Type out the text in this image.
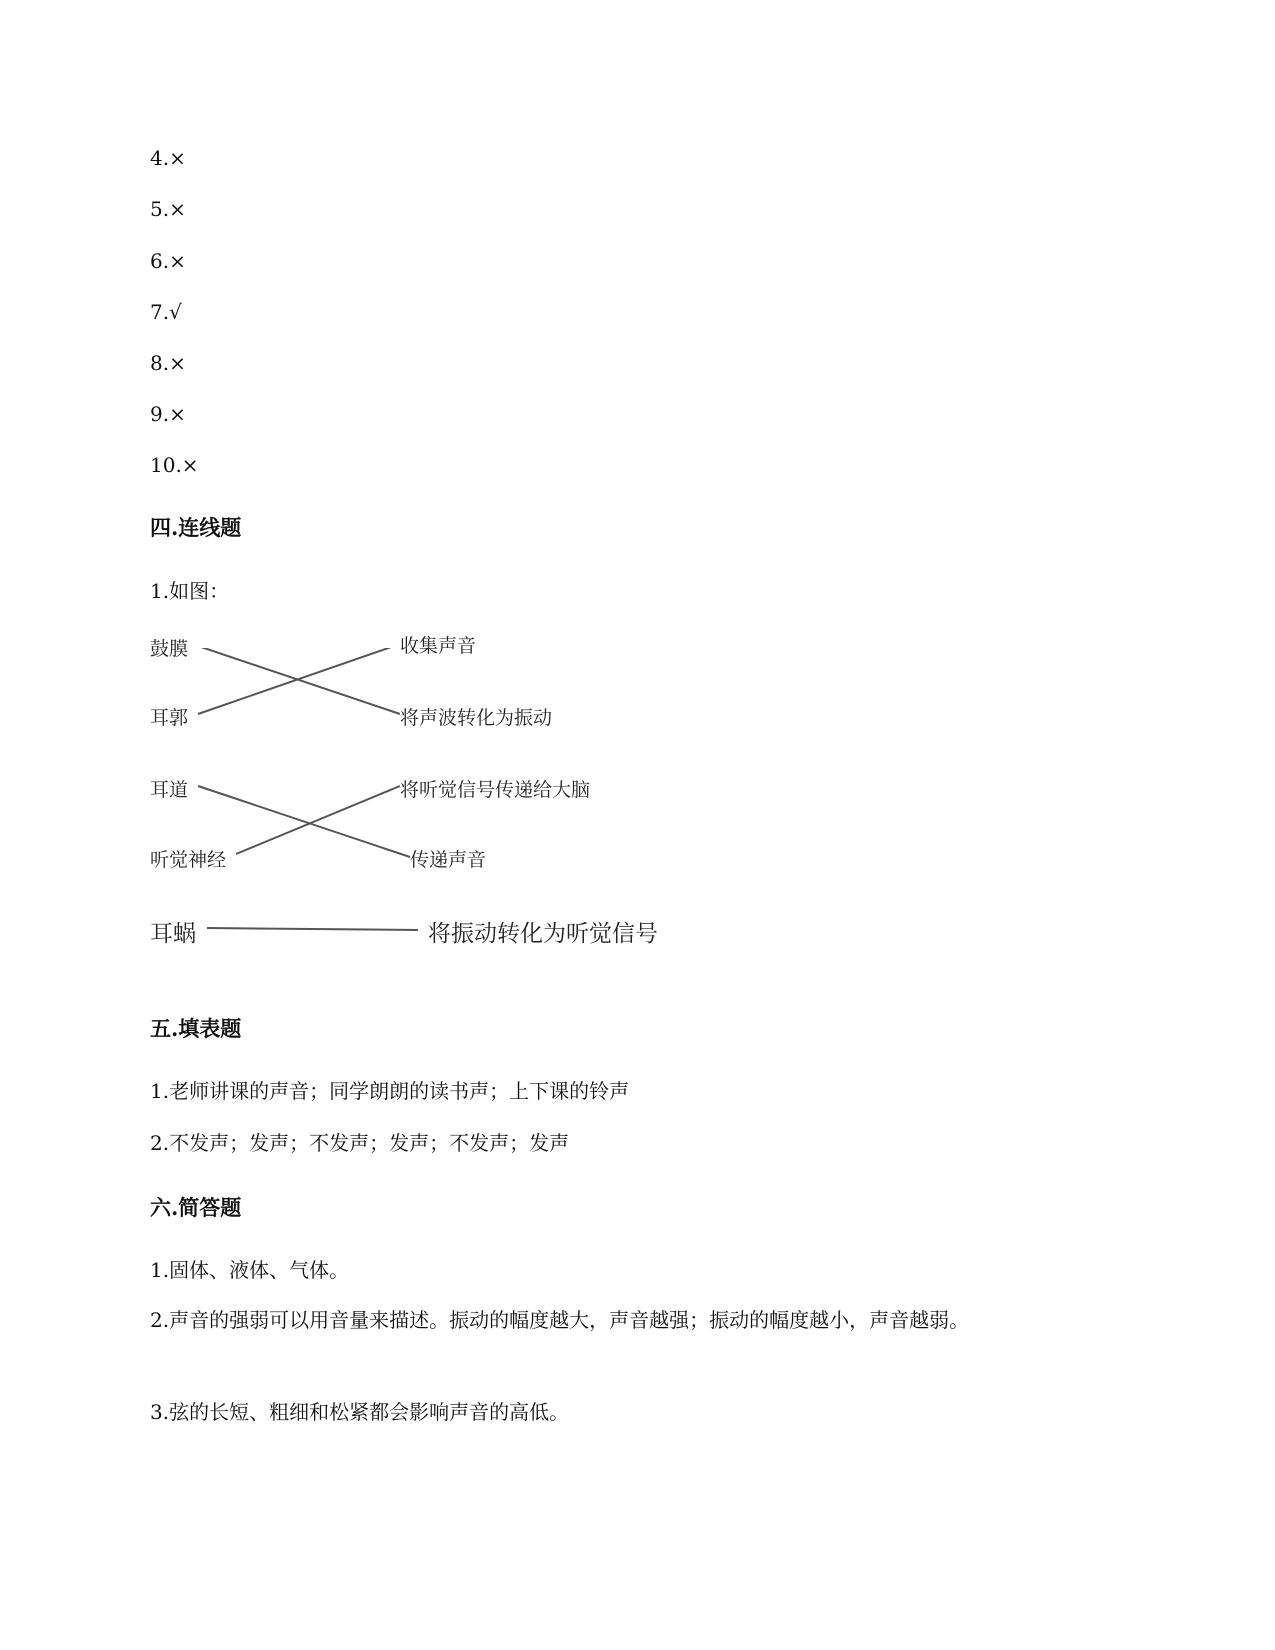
4.×
5.×
6.×
7.√
8.×
9.×
10.×
四.连线题
1.如图：
鼓膜
耳郭
耳道
听觉神经
耳蜗
收集声音
将声波转化为振动
将听觉信号传递给大脑
传递声音
将振动转化为听觉信号
五.填表题
1.老师讲课的声音；同学朗朗的读书声；上下课的铃声
2.不发声；发声；不发声；发声；不发声；发声
六.简答题
1.固体、液体、气体。
2.声音的强弱可以用音量来描述。振动的幅度越大，声音越强；振动的幅度越小，声音越弱。
3.弦的长短、粗细和松紧都会影响声音的高低。
